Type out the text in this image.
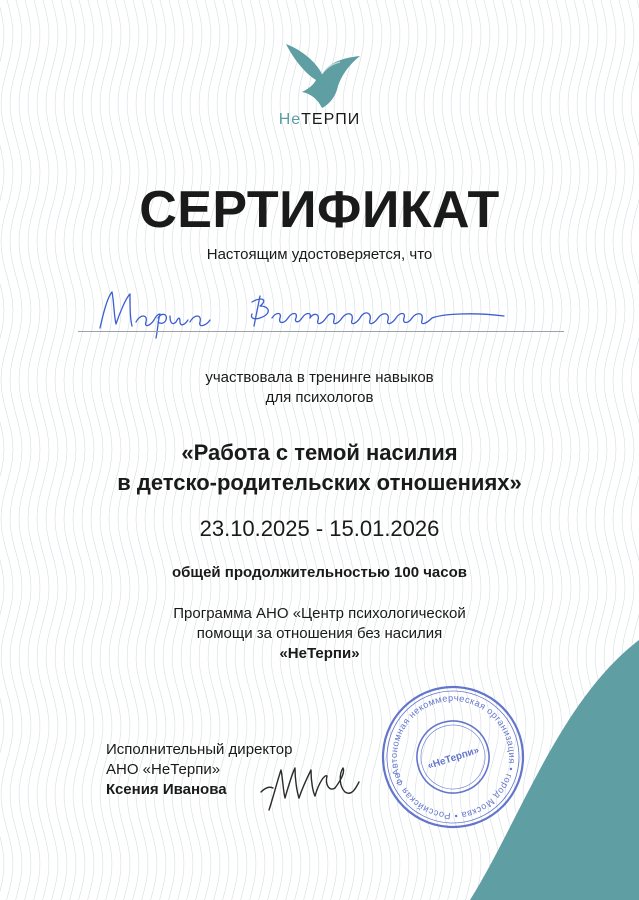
НеТЕРПИ
СЕРТИФИКАТ
Настоящим удостоверяется, что
участвовала в тренинге навыков
для психологов
«Работа с темой насилия
в детско-родительских отношениях»
23.10.2025 - 15.01.2026
общей продолжительностью 100 часов
Программа АНО «Центр психологической
помощи за отношения без насилия
«НеТерпи»
Исполнительный директор
АНО «НеТерпи»
Ксения Иванова
Автономная некоммерческая организация • город Москва • Российская Федерация
«НеТерпи»
